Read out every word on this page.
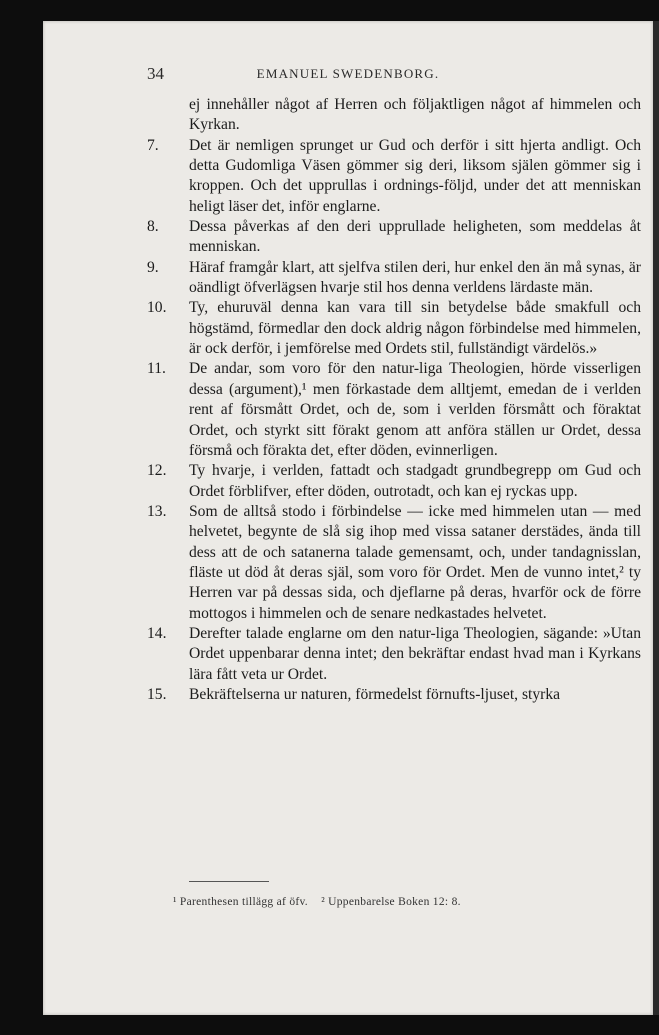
34	EMANUEL SWEDENBORG.

ej innehåller något af Herren och följaktligen något af himmelen och Kyrkan.

7.	Det är nemligen sprunget ur Gud och derför i sitt hjerta andligt. Och detta Gudomliga Väsen gömmer sig deri, liksom själen gömmer sig i kroppen. Och det upprullas i ordnings-följd, under det att menniskan heligt läser det, inför englarne.

8.	Dessa påverkas af den deri upprullade heligheten, som meddelas åt menniskan.

9.	Häraf framgår klart, att sjelfva stilen deri, hur enkel den än må synas, är oändligt öfverlägsen hvarje stil hos denna verldens lärdaste män.

10.	Ty, ehuruväl denna kan vara till sin betydelse både smakfull och högstämd, förmedlar den dock aldrig någon förbindelse med himmelen, är ock derför, i jemförelse med Ordets stil, fullständigt värdelös.»

11.	De andar, som voro för den natur-liga Theologien, hörde visserligen dessa (argument),¹ men förkastade dem alltjemt, emedan de i verlden rent af försmått Ordet, och de, som i verlden försmått och föraktat Ordet, och styrkt sitt förakt genom att anföra ställen ur Ordet, dessa försmå och förakta det, efter döden, evinnerligen.

12.	Ty hvarje, i verlden, fattadt och stadgadt grundbegrepp om Gud och Ordet förblifver, efter döden, outrotadt, och kan ej ryckas upp.

13.	Som de alltså stodo i förbindelse — icke med himmelen utan — med helvetet, begynte de slå sig ihop med vissa sataner derstädes, ända till dess att de och satanerna talade gemensamt, och, under tandagnisslan, fläste ut död åt deras själ, som voro för Ordet. Men de vunno intet,² ty Herren var på dessas sida, och djeflarne på deras, hvarför ock de förre mottogos i himmelen och de senare nedkastades helvetet.

14.	Derefter talade englarne om den natur-liga Theologien, sägande: »Utan Ordet uppenbarar denna intet; den bekräftar endast hvad man i Kyrkans lära fått veta ur Ordet.

15.	Bekräftelserna ur naturen, förmedelst förnufts-ljuset, styrka

¹ Parenthesen tillägg af öfv. ² Uppenbarelse Boken 12: 8.
